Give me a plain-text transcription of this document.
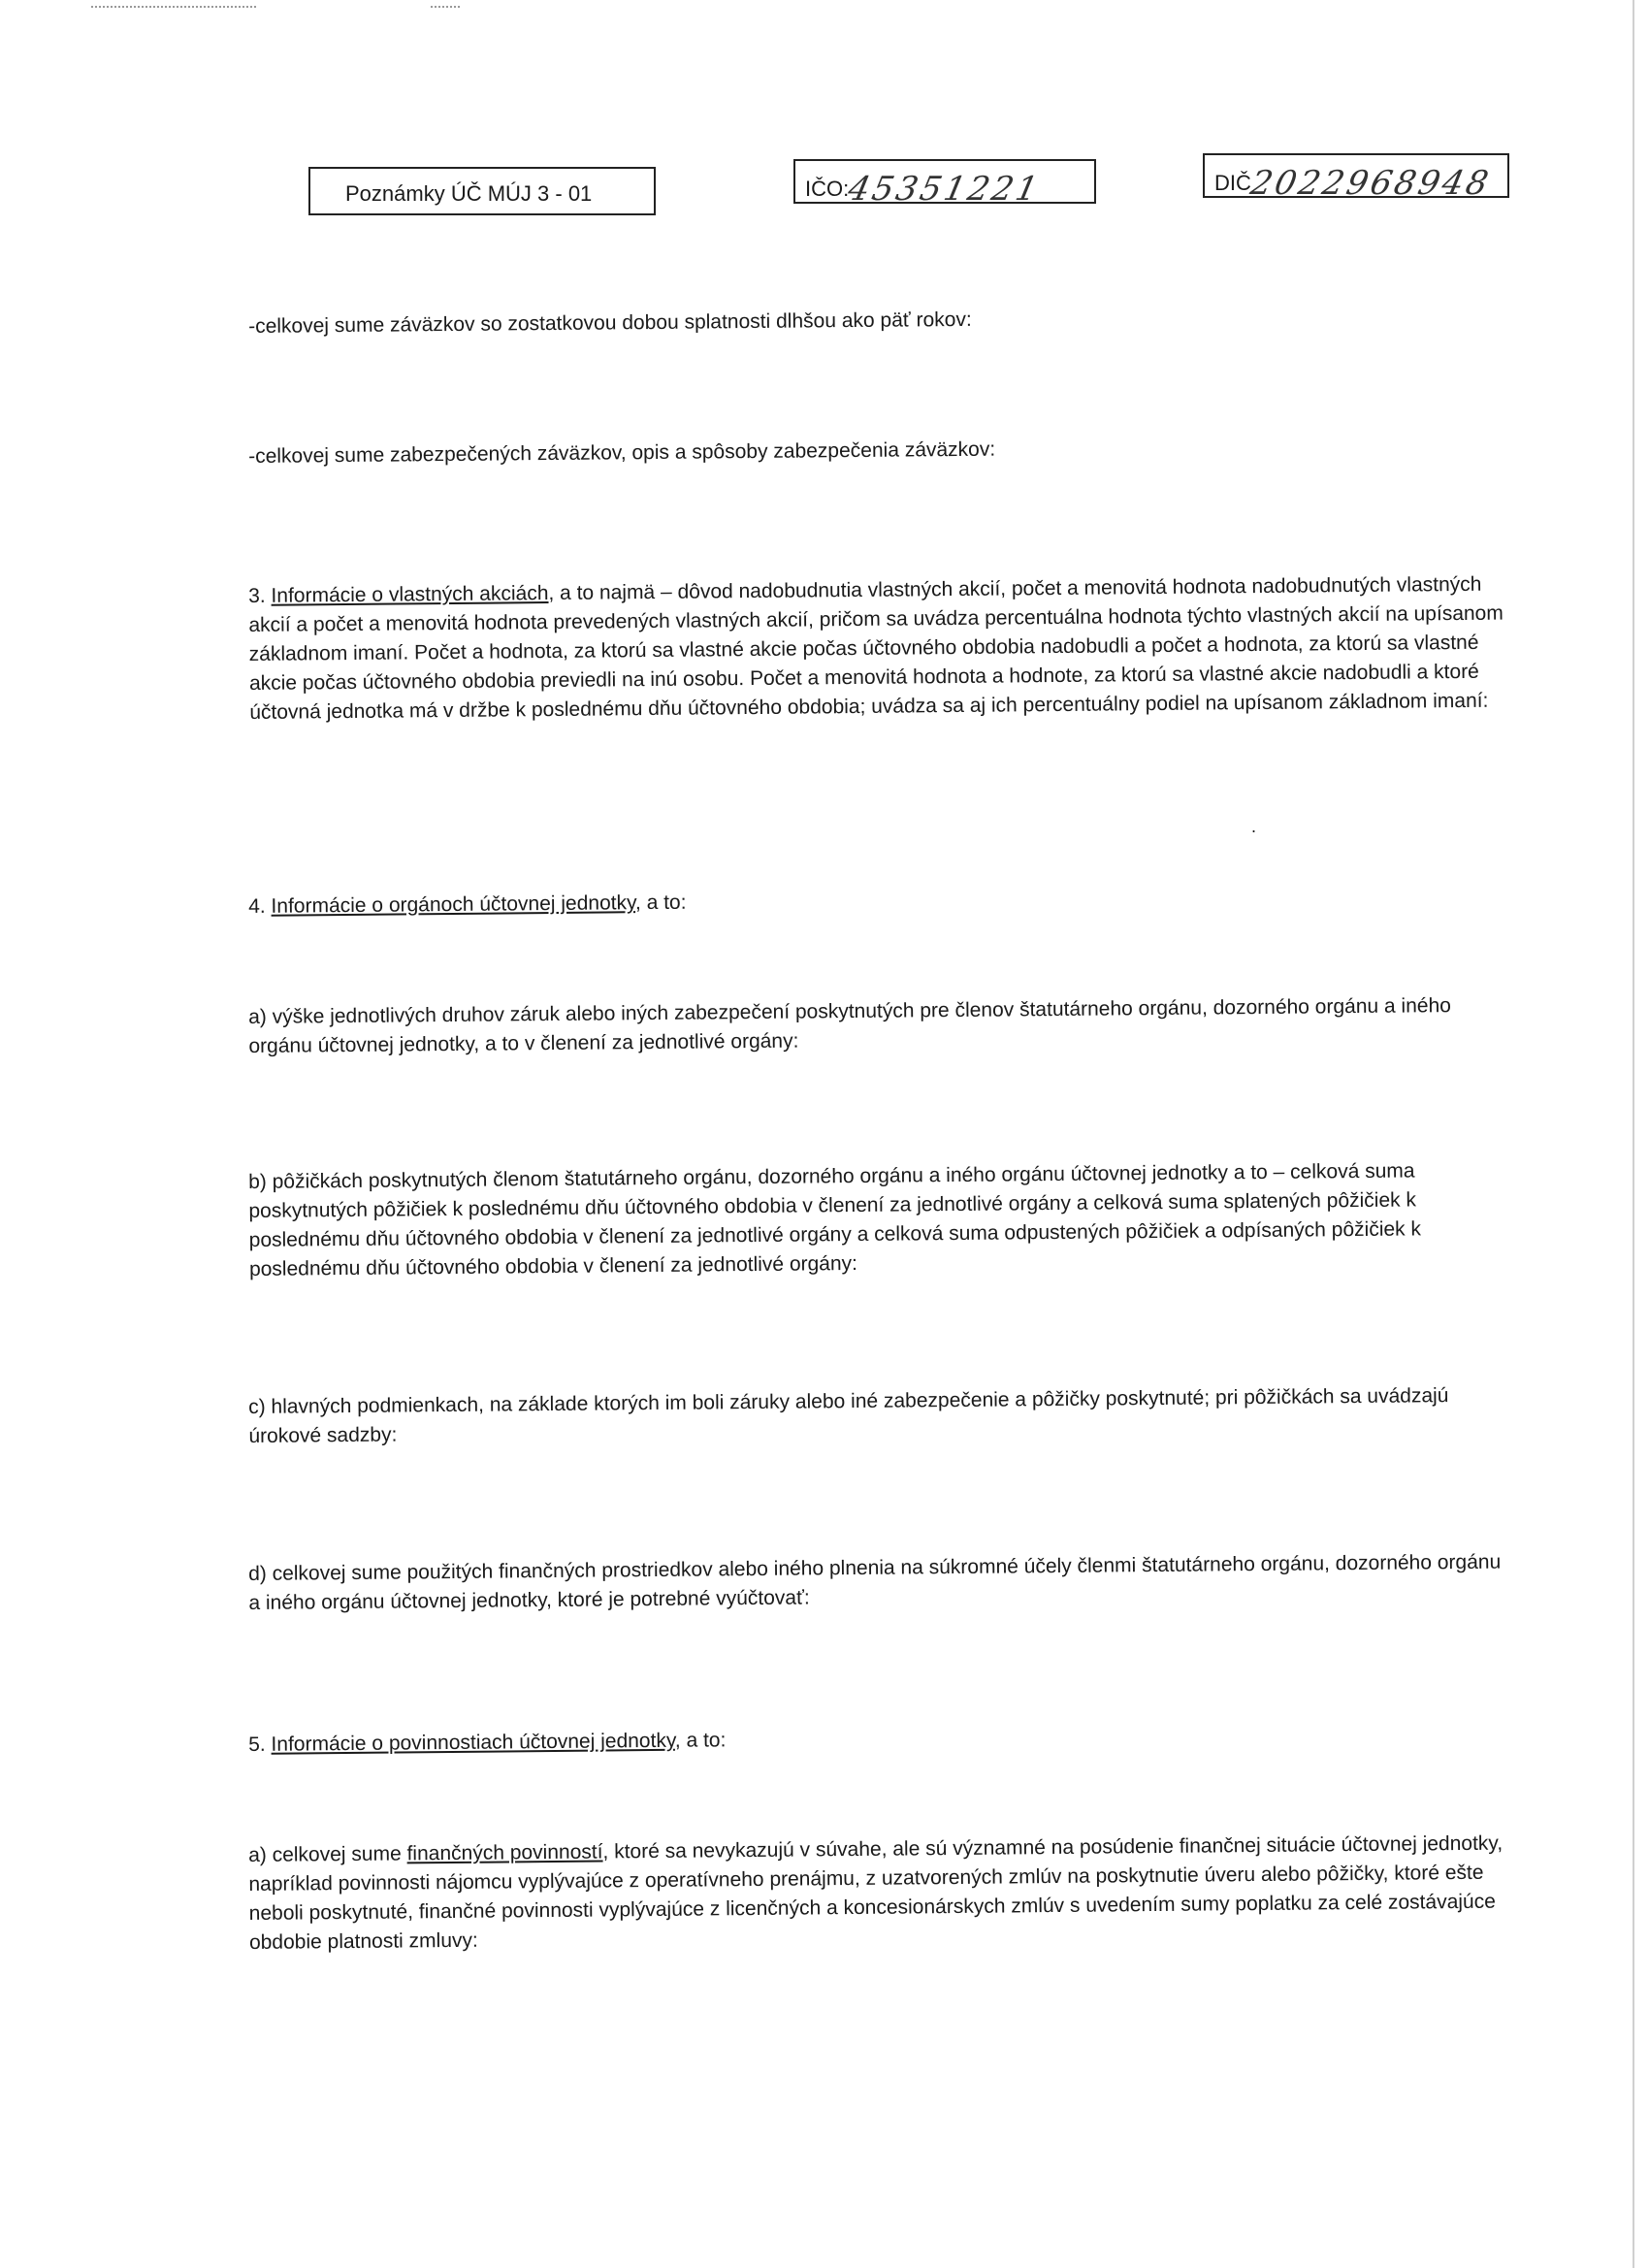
Poznámky ÚČ MÚJ 3 - 01	IČO:45351221	DIČ2022968948

-celkovej sume záväzkov so zostatkovou dobou splatnosti dlhšou ako päť rokov:

-celkovej sume zabezpečených záväzkov, opis a spôsoby zabezpečenia záväzkov:

3. Informácie o vlastných akciách, a to najmä – dôvod nadobudnutia vlastných akcií, počet a menovitá hodnota nadobudnutých vlastných akcií a počet a menovitá hodnota prevedených vlastných akcií, pričom sa uvádza percentuálna hodnota týchto vlastných akcií na upísanom základnom imaní. Počet a hodnota, za ktorú sa vlastné akcie počas účtovného obdobia nadobudli a počet a hodnota, za ktorú sa vlastné akcie počas účtovného obdobia previedli na inú osobu. Počet a menovitá hodnota a hodnote, za ktorú sa vlastné akcie nadobudli a ktoré účtovná jednotka má v držbe k poslednému dňu účtovného obdobia; uvádza sa aj ich percentuálny podiel na upísanom základnom imaní:

.

4. Informácie o orgánoch účtovnej jednotky, a to:

a) výške jednotlivých druhov záruk alebo iných zabezpečení poskytnutých pre členov štatutárneho orgánu, dozorného orgánu a iného orgánu účtovnej jednotky, a to v členení za jednotlivé orgány:

b) pôžičkách poskytnutých členom štatutárneho orgánu, dozorného orgánu a iného orgánu účtovnej jednotky a to – celková suma poskytnutých pôžičiek k poslednému dňu účtovného obdobia v členení za jednotlivé orgány a celková suma splatených pôžičiek k poslednému dňu účtovného obdobia v členení za jednotlivé orgány a celková suma odpustených pôžičiek a odpísaných pôžičiek k poslednému dňu účtovného obdobia v členení za jednotlivé orgány:

c) hlavných podmienkach, na základe ktorých im boli záruky alebo iné zabezpečenie a pôžičky poskytnuté; pri pôžičkách sa uvádzajú úrokové sadzby:

d) celkovej sume použitých finančných prostriedkov alebo iného plnenia na súkromné účely členmi štatutárneho orgánu, dozorného orgánu a iného orgánu účtovnej jednotky, ktoré je potrebné vyúčtovať:

5. Informácie o povinnostiach účtovnej jednotky, a to:

a) celkovej sume finančných povinností, ktoré sa nevykazujú v súvahe, ale sú významné na posúdenie finančnej situácie účtovnej jednotky, napríklad povinnosti nájomcu vyplývajúce z operatívneho prenájmu, z uzatvorených zmlúv na poskytnutie úveru alebo pôžičky, ktoré ešte neboli poskytnuté, finančné povinnosti vyplývajúce z licenčných a koncesionárskych zmlúv s uvedením sumy poplatku za celé zostávajúce obdobie platnosti zmluvy:
